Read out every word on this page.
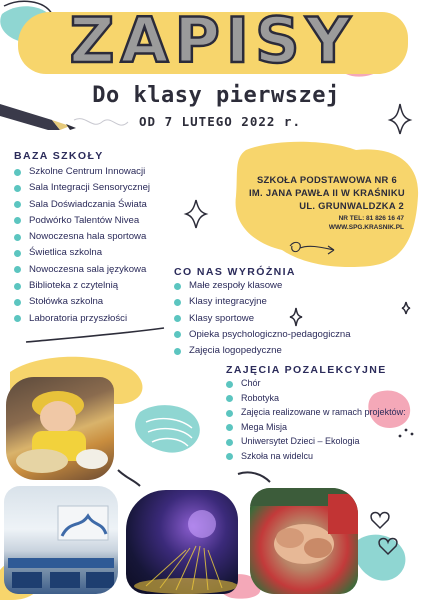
ZAPISY
Do klasy pierwszej
OD 7 LUTEGO 2022 r.
BAZA SZKOŁY
Szkolne Centrum Innowacji
Sala Integracji Sensorycznej
Sala Doświadczania Świata
Podwórko Talentów Nivea
Nowoczesna hala sportowa
Świetlica szkolna
Nowoczesna sala językowa
Biblioteka z czytelnią
Stołówka szkolna
Laboratoria przyszłości
SZKOŁA PODSTAWOWA NR 6
IM. JANA PAWŁA II W KRAŚNIKU
UL. GRUNWALDZKA 2
NR TEL: 81 826 16 47
WWW.SPG.KRASNIK.PL
CO NAS WYRÓŻNIA
Małe zespoły klasowe
Klasy integracyjne
Klasy sportowe
Opieka psychologiczno-pedagogiczna
Zajęcia logopedyczne
ZAJĘCIA POZALEKCYJNE
Chór
Robotyka
Zajęcia realizowane w ramach projektów:
Mega Misja
Uniwersytet Dzieci – Ekologia
Szkoła na widelcu
